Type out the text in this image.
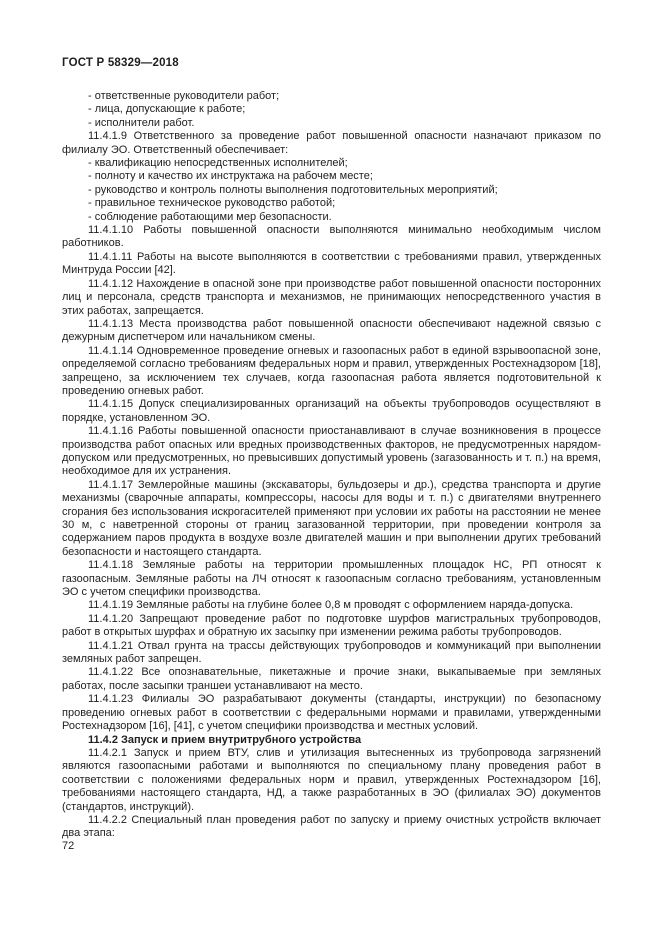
ГОСТ Р 58329—2018

- ответственные руководители работ;

- лица, допускающие к работе;

- исполнители работ.

11.4.1.9 Ответственного за проведение работ повышенной опасности назначают приказом по филиалу ЭО. Ответственный обеспечивает:

- квалификацию непосредственных исполнителей;

- полноту и качество их инструктажа на рабочем месте;

- руководство и контроль полноты выполнения подготовительных мероприятий;

- правильное техническое руководство работой;

- соблюдение работающими мер безопасности.

11.4.1.10 Работы повышенной опасности выполняются минимально необходимым числом работников.

11.4.1.11 Работы на высоте выполняются в соответствии с требованиями правил, утвержденных Минтруда России [42].

11.4.1.12 Нахождение в опасной зоне при производстве работ повышенной опасности посторонних лиц и персонала, средств транспорта и механизмов, не принимающих непосредственного участия в этих работах, запрещается.

11.4.1.13 Места производства работ повышенной опасности обеспечивают надежной связью с дежурным диспетчером или начальником смены.

11.4.1.14 Одновременное проведение огневых и газоопасных работ в единой взрывоопасной зоне, определяемой согласно требованиям федеральных норм и правил, утвержденных Ростехнадзором [18], запрещено, за исключением тех случаев, когда газоопасная работа является подготовительной к проведению огневых работ.

11.4.1.15 Допуск специализированных организаций на объекты трубопроводов осуществляют в порядке, установленном ЭО.

11.4.1.16 Работы повышенной опасности приостанавливают в случае возникновения в процессе производства работ опасных или вредных производственных факторов, не предусмотренных нарядом-допуском или предусмотренных, но превысивших допустимый уровень (загазованность и т. п.) на время, необходимое для их устранения.

11.4.1.17 Землеройные машины (экскаваторы, бульдозеры и др.), средства транспорта и другие механизмы (сварочные аппараты, компрессоры, насосы для воды и т. п.) с двигателями внутреннего сгорания без использования искрогасителей применяют при условии их работы на расстоянии не менее 30 м, с наветренной стороны от границ загазованной территории, при проведении контроля за содержанием паров продукта в воздухе возле двигателей машин и при выполнении других требований безопасности и настоящего стандарта.

11.4.1.18 Земляные работы на территории промышленных площадок НС, РП относят к газоопасным. Земляные работы на ЛЧ относят к газоопасным согласно требованиям, установленным ЭО с учетом специфики производства.

11.4.1.19 Земляные работы на глубине более 0,8 м проводят с оформлением наряда-допуска.

11.4.1.20 Запрещают проведение работ по подготовке шурфов магистральных трубопроводов, работ в открытых шурфах и обратную их засыпку при изменении режима работы трубопроводов.

11.4.1.21 Отвал грунта на трассы действующих трубопроводов и коммуникаций при выполнении земляных работ запрещен.

11.4.1.22 Все опознавательные, пикетажные и прочие знаки, выкапываемые при земляных работах, после засыпки траншеи устанавливают на место.

11.4.1.23 Филиалы ЭО разрабатывают документы (стандарты, инструкции) по безопасному проведению огневых работ в соответствии с федеральными нормами и правилами, утвержденными Ростехнадзором [16], [41], с учетом специфики производства и местных условий.

11.4.2 Запуск и прием внутритрубного устройства

11.4.2.1 Запуск и прием ВТУ, слив и утилизация вытесненных из трубопровода загрязнений являются газоопасными работами и выполняются по специальному плану проведения работ в соответствии с положениями федеральных норм и правил, утвержденных Ростехнадзором [16], требованиями настоящего стандарта, НД, а также разработанных в ЭО (филиалах ЭО) документов (стандартов, инструкций).

11.4.2.2 Специальный план проведения работ по запуску и приему очистных устройств включает два этапа:

72
